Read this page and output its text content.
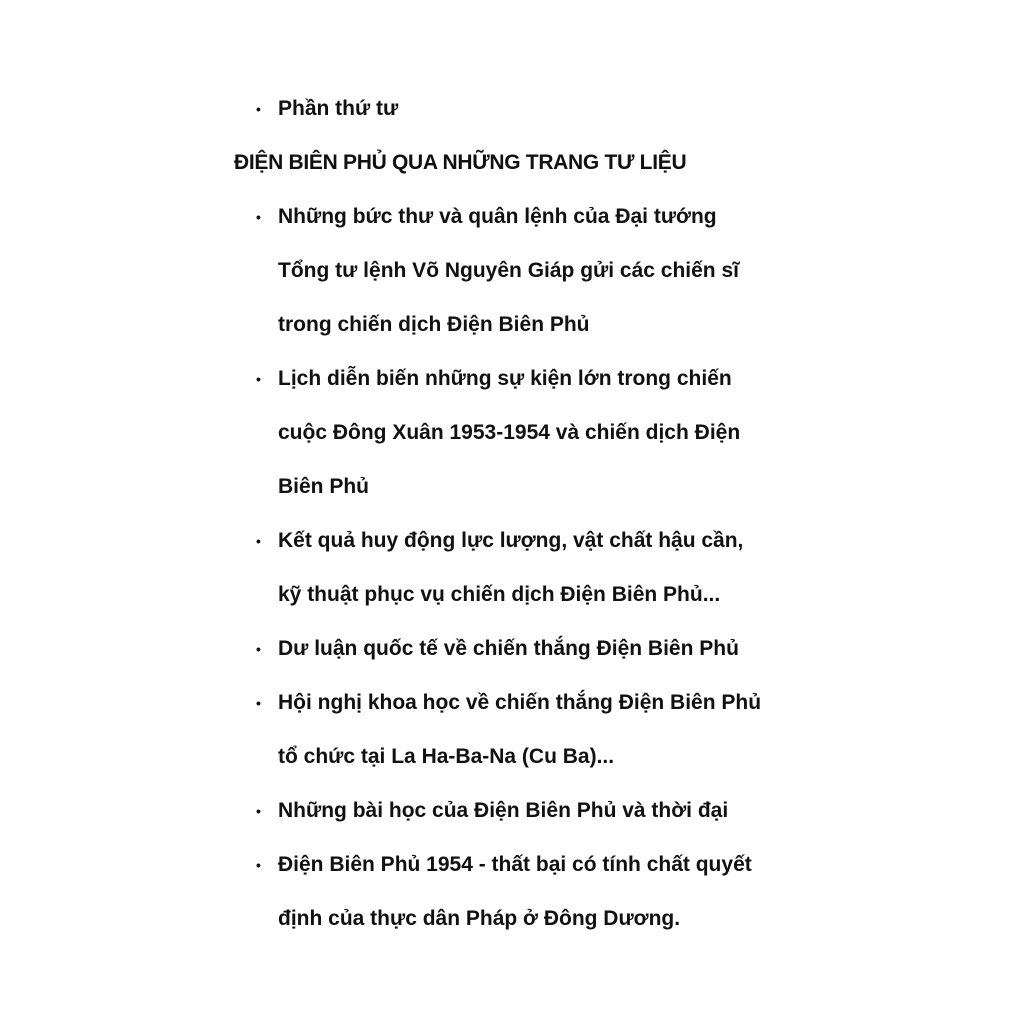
• Phần thứ tư
ĐIỆN BIÊN PHỦ QUA NHỮNG TRANG TƯ LIỆU
• Những bức thư và quân lệnh của Đại tướng
Tổng tư lệnh Võ Nguyên Giáp gửi các chiến sĩ
trong chiến dịch Điện Biên Phủ
• Lịch diễn biến những sự kiện lớn trong chiến
cuộc Đông Xuân 1953-1954 và chiến dịch Điện
Biên Phủ
• Kết quả huy động lực lượng, vật chất hậu cần,
kỹ thuật phục vụ chiến dịch Điện Biên Phủ...
• Dư luận quốc tế về chiến thắng Điện Biên Phủ
• Hội nghị khoa học về chiến thắng Điện Biên Phủ
tổ chức tại La Ha-Ba-Na (Cu Ba)...
• Những bài học của Điện Biên Phủ và thời đại
• Điện Biên Phủ 1954 - thất bại có tính chất quyết
định của thực dân Pháp ở Đông Dương.
